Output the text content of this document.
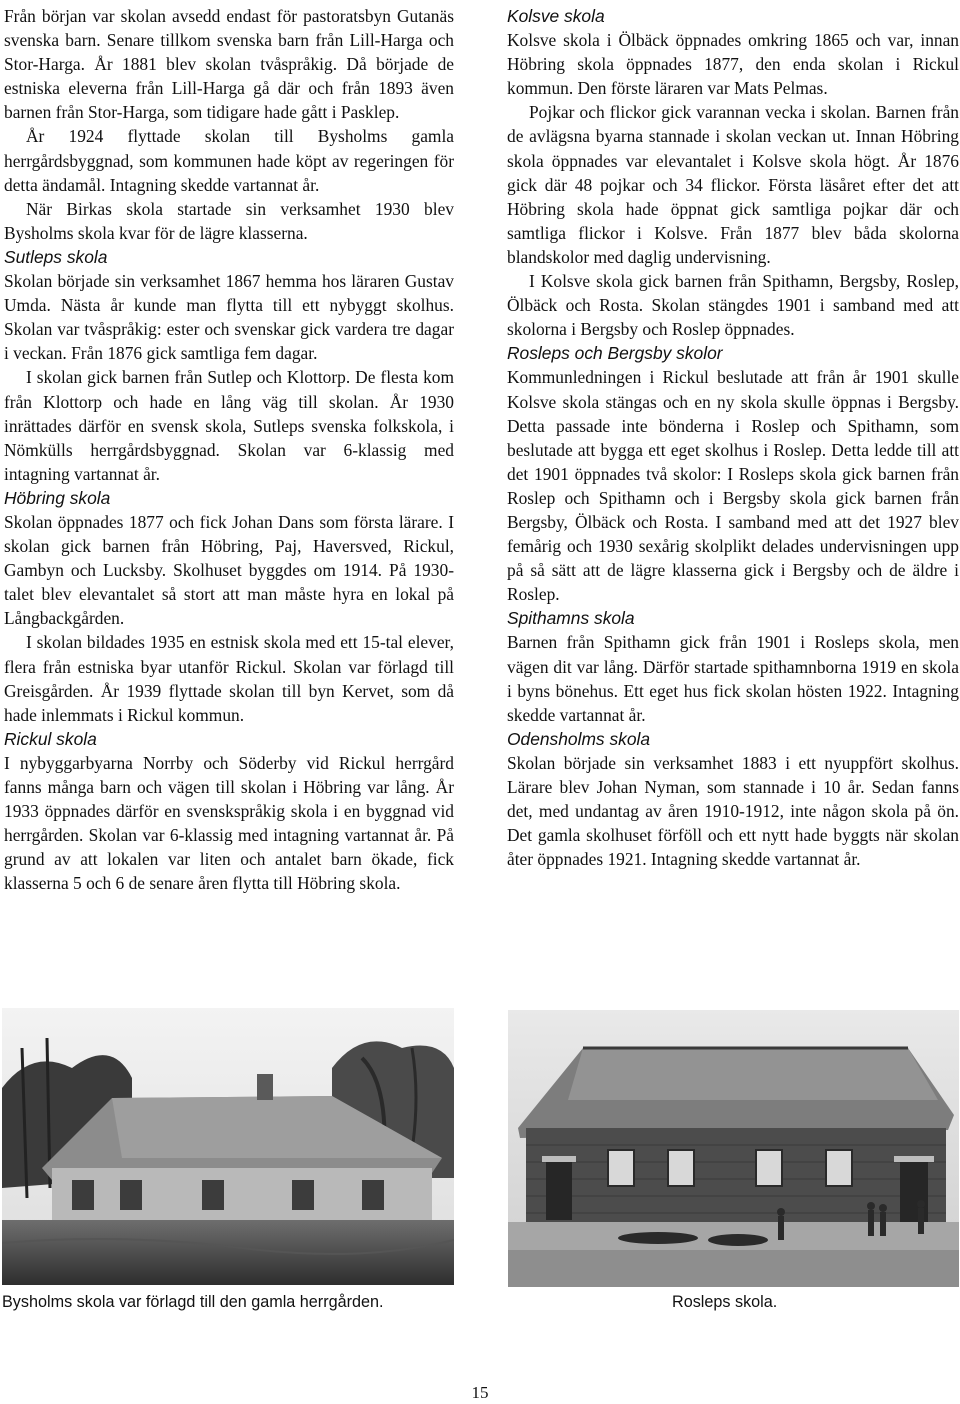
Från början var skolan avsedd endast för pastoratsbyn Gutanäs svenska barn. Senare tillkom svenska barn från Lill-Harga och Stor-Harga. År 1881 blev skolan tvåspråkig. Då började de estniska eleverna från Lill-Harga gå där och från 1893 även barnen från Stor-Harga, som tidigare hade gått i Pasklep.

År 1924 flyttade skolan till Bysholms gamla herrgårdsbyggnad, som kommunen hade köpt av regeringen för detta ändamål. Intagning skedde vartannat år.

När Birkas skola startade sin verksamhet 1930 blev Bysholms skola kvar för de lägre klasserna.

Sutleps skola

Skolan började sin verksamhet 1867 hemma hos läraren Gustav Umda. Nästa år kunde man flytta till ett nybyggt skolhus. Skolan var tvåspråkig: ester och svenskar gick vardera tre dagar i veckan. Från 1876 gick samtliga fem dagar.

I skolan gick barnen från Sutlep och Klottorp. De flesta kom från Klottorp och hade en lång väg till skolan. År 1930 inrättades därför en svensk skola, Sutleps svenska folkskola, i Nömkülls herrgårdsbyggnad. Skolan var 6-klassig med intagning vartannat år.

Höbring skola

Skolan öppnades 1877 och fick Johan Dans som första lärare. I skolan gick barnen från Höbring, Paj, Haversved, Rickul, Gambyn och Lucksby. Skolhuset byggdes om 1914. På 1930-talet blev elevantalet så stort att man måste hyra en lokal på Långbackgården.

I skolan bildades 1935 en estnisk skola med ett 15-tal elever, flera från estniska byar utanför Rickul. Skolan var förlagd till Greisgården. År 1939 flyttade skolan till byn Kervet, som då hade inlemmats i Rickul kommun.

Rickul skola

I nybyggarbyarna Norrby och Söderby vid Rickul herrgård fanns många barn och vägen till skolan i Höbring var lång. År 1933 öppnades därför en svenskspråkig skola i en byggnad vid herrgården. Skolan var 6-klassig med intagning vartannat år. På grund av att lokalen var liten och antalet barn ökade, fick klasserna 5 och 6 de senare åren flytta till Höbring skola.

Kolsve skola

Kolsve skola i Ölbäck öppnades omkring 1865 och var, innan Höbring skola öppnades 1877, den enda skolan i Rickul kommun. Den förste läraren var Mats Pelmas.

Pojkar och flickor gick varannan vecka i skolan. Barnen från de avlägsna byarna stannade i skolan veckan ut. Innan Höbring skola öppnades var elevantalet i Kolsve skola högt. År 1876 gick där 48 pojkar och 34 flickor. Första läsåret efter det att Höbring skola hade öppnat gick samtliga pojkar där och samtliga flickor i Kolsve. Från 1877 blev båda skolorna blandskolor med daglig undervisning.

I Kolsve skola gick barnen från Spithamn, Bergsby, Roslep, Ölbäck och Rosta. Skolan stängdes 1901 i samband med att skolorna i Bergsby och Roslep öppnades.

Rosleps och Bergsby skolor

Kommunledningen i Rickul beslutade att från år 1901 skulle Kolsve skola stängas och en ny skola skulle öppnas i Bergsby. Detta passade inte bönderna i Roslep och Spithamn, som beslutade att bygga ett eget skolhus i Roslep. Detta ledde till att det 1901 öppnades två skolor: I Rosleps skola gick barnen från Roslep och Spithamn och i Bergsby skola gick barnen från Bergsby, Ölbäck och Rosta. I samband med att det 1927 blev femårig och 1930 sexårig skolplikt delades undervisningen upp på så sätt att de lägre klasserna gick i Bergsby och de äldre i Roslep.

Spithamns skola

Barnen från Spithamn gick från 1901 i Rosleps skola, men vägen dit var lång. Därför startade spithamnborna 1919 en skola i byns bönehus. Ett eget hus fick skolan hösten 1922. Intagning skedde vartannat år.

Odensholms skola

Skolan började sin verksamhet 1883 i ett nyuppfört skolhus. Lärare blev Johan Nyman, som stannade i 10 år. Sedan fanns det, med undantag av åren 1910-1912, inte någon skola på ön. Det gamla skolhuset förföll och ett nytt hade byggts när skolan åter öppnades 1921. Intagning skedde vartannat år.

Bysholms skola var förlagd till den gamla herrgården.	Rosleps skola.
15
